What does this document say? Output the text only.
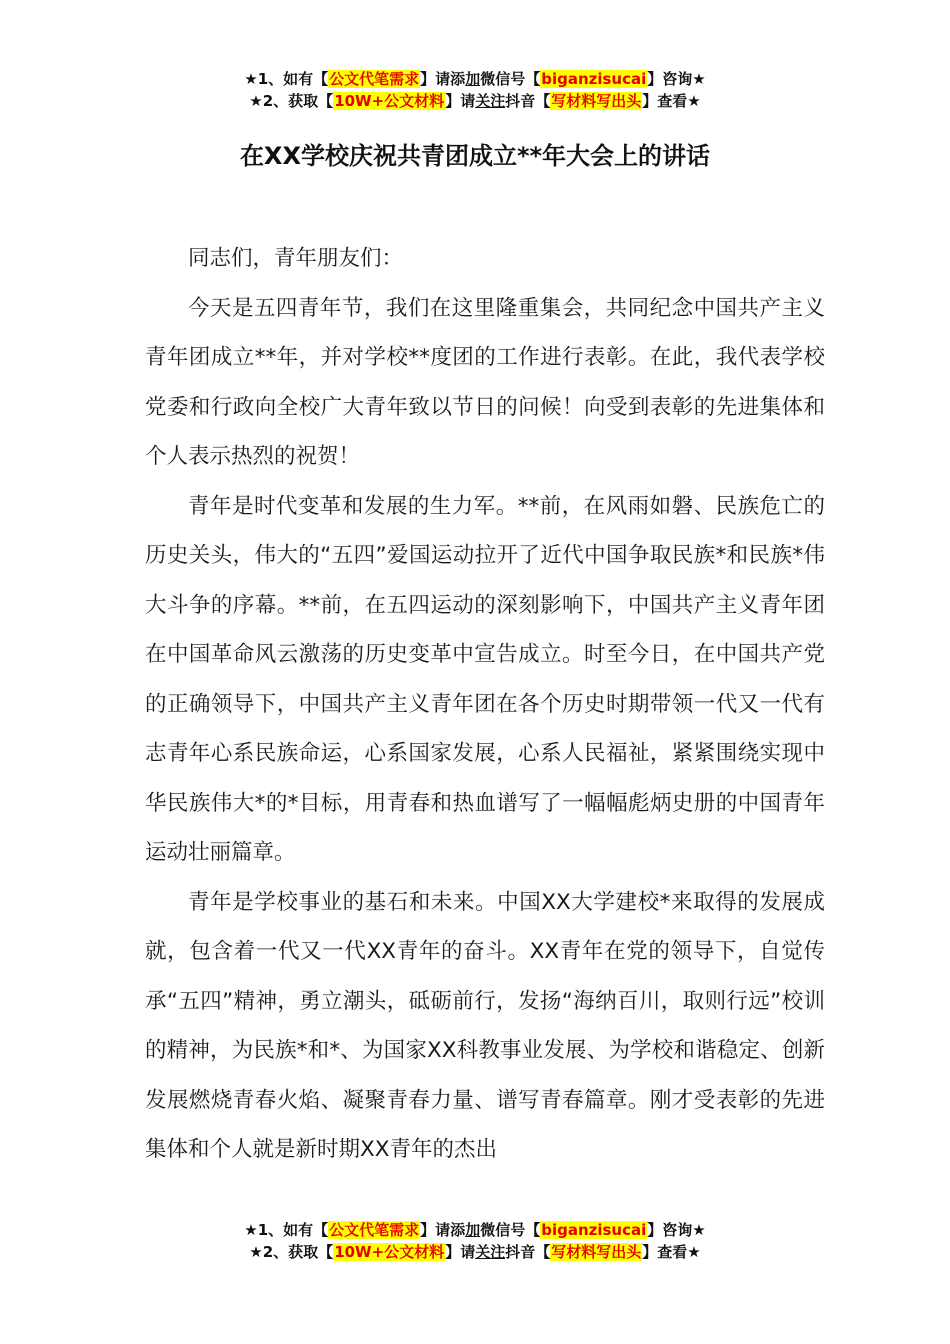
★1、如有【公文代笔需求】请添加微信号【biganzisucai】咨询★
★2、获取【10W+公文材料】请关注抖音【写材料写出头】查看★
在XX学校庆祝共青团成立**年大会上的讲话

同志们，青年朋友们：

今天是五四青年节，我们在这里隆重集会，共同纪念中国共产主义青年团成立**年，并对学校**度团的工作进行表彰。在此，我代表学校党委和行政向全校广大青年致以节日的问候！向受到表彰的先进集体和个人表示热烈的祝贺！

青年是时代变革和发展的生力军。**前，在风雨如磐、民族危亡的历史关头，伟大的“五四”爱国运动拉开了近代中国争取民族*和民族*伟大斗争的序幕。**前，在五四运动的深刻影响下，中国共产主义青年团在中国革命风云激荡的历史变革中宣告成立。时至今日，在中国共产党的正确领导下，中国共产主义青年团在各个历史时期带领一代又一代有志青年心系民族命运，心系国家发展，心系人民福祉，紧紧围绕实现中华民族伟大*的*目标，用青春和热血谱写了一幅幅彪炳史册的中国青年运动壮丽篇章。

青年是学校事业的基石和未来。中国XX大学建校*来取得的发展成就，包含着一代又一代XX青年的奋斗。XX青年在党的领导下，自觉传承“五四”精神，勇立潮头，砥砺前行，发扬“海纳百川，取则行远”校训的精神，为民族*和*、为国家XX科教事业发展、为学校和谐稳定、创新发展燃烧青春火焰、凝聚青春力量、谱写青春篇章。刚才受表彰的先进集体和个人就是新时期XX青年的杰出

★1、如有【公文代笔需求】请添加微信号【biganzisucai】咨询★
★2、获取【10W+公文材料】请关注抖音【写材料写出头】查看★
